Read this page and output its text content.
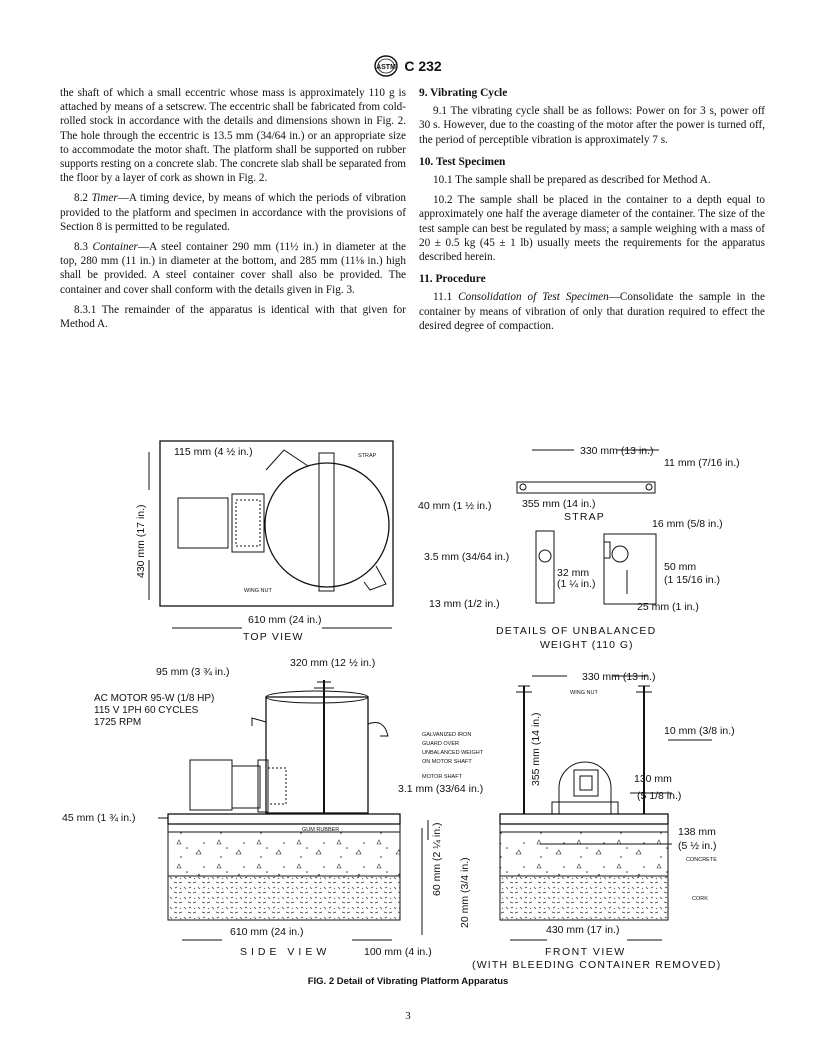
ASTM C 232

the shaft of which a small eccentric whose mass is approximately 110 g is attached by means of a setscrew. The eccentric shall be fabricated from cold-rolled stock in accordance with the details and dimensions shown in Fig. 2. The hole through the eccentric is 13.5 mm (34/64 in.) or an appropriate size to accommodate the motor shaft. The platform shall be supported on rubber supports resting on a concrete slab. The concrete slab shall be separated from the floor by a layer of cork as shown in Fig. 2.

8.2 Timer—A timing device, by means of which the periods of vibration provided to the platform and specimen in accordance with the provisions of Section 8 is permitted to be regulated.

8.3 Container—A steel container 290 mm (11½ in.) in diameter at the top, 280 mm (11 in.) in diameter at the bottom, and 285 mm (11⅛ in.) high shall be provided. A steel container cover shall also be provided. The container and cover shall conform with the details given in Fig. 3.

8.3.1 The remainder of the apparatus is identical with that given for Method A.

9. Vibrating Cycle

9.1 The vibrating cycle shall be as follows: Power on for 3 s, power off 30 s. However, due to the coasting of the motor after the power is turned off, the period of perceptible vibration is approximately 7 s.

10. Test Specimen

10.1 The sample shall be prepared as described for Method A.

10.2 The sample shall be placed in the container to a depth equal to approximately one half the average diameter of the container. The size of the test sample can best be regulated by mass; a sample weighing with a mass of 20 ± 0.5 kg (45 ± 1 lb) usually meets the requirements for the apparatus described herein.

11. Procedure

11.1 Consolidation of Test Specimen—Consolidate the sample in the container by means of vibration of only that duration required to effect the desired degree of compaction.

115 mm (4 ½ in.)	STRAP
WING NUT
430 mm (17 in.)
610 mm (24 in.)
TOP VIEW
330 mm (13 in.)
11 mm (7/16 in.)
40 mm (1 ½ in.)	355 mm (14 in.)
STRAP
16 mm (5/8 in.)
3.5 mm (34/64 in.)
32 mm
(1 ¼ in.)
50 mm
(1 15/16 in.)
13 mm (1/2 in.)	25 mm (1 in.)
DETAILS OF UNBALANCED
WEIGHT (110 G)
95 mm (3 ¾ in.)
320 mm (12 ½ in.)
AC MOTOR 95-W (1/8 HP)
115 V 1PH 60 CYCLES
1725 RPM
GALVANIZED IRON
GUARD OVER
UNBALANCED WEIGHT
ON MOTOR SHAFT
MOTOR SHAFT
3.1 mm (33/64 in.)
45 mm (1 ¾ in.)
GUM RUBBER	60 mm (2 ¼ in.) 20 mm (3/4 in.)
610 mm (24 in.)
100 mm (4 in.)
SIDE VIEW
330 mm (13 in.)
WING NUT
355 mm (14 in.)	10 mm (3/8 in.)
130 mm
(5 1/8 in.)
138 mm
(5 ½ in.)
CONCRETE
CORK
430 mm (17 in.)
FRONT VIEW
(WITH BLEEDING CONTAINER REMOVED)
FIG. 2 Detail of Vibrating Platform Apparatus
3
